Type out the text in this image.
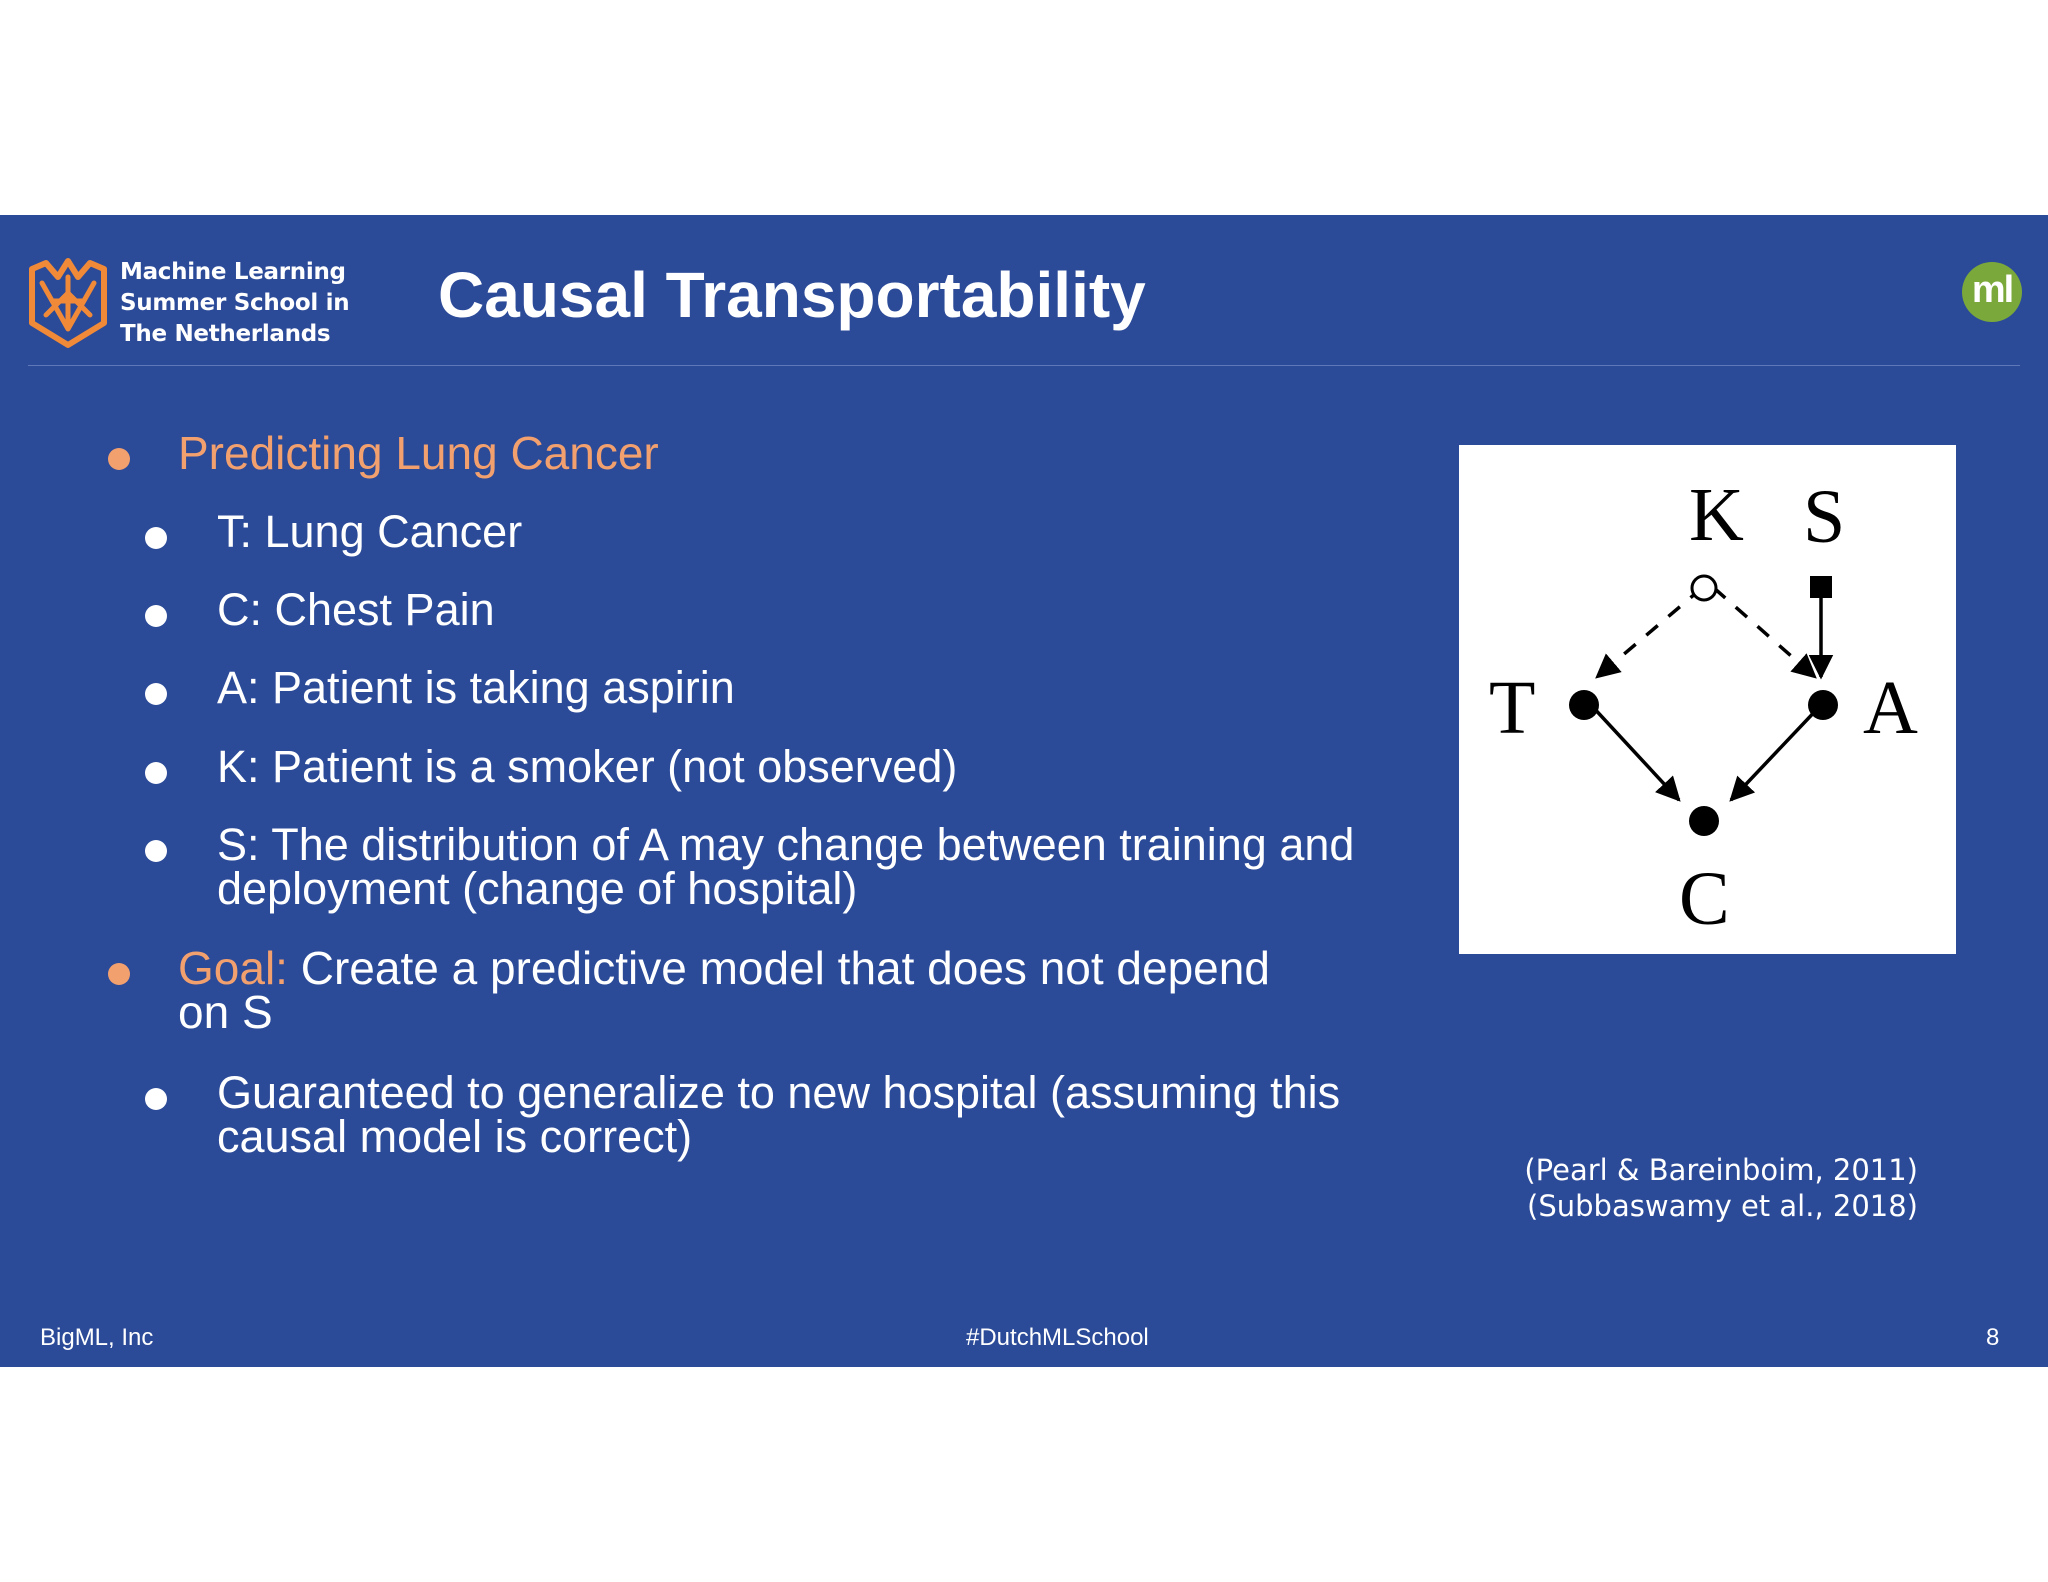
Machine Learning
Summer School in
The Netherlands
Causal Transportability	ml
Predicting Lung Cancer
T: Lung Cancer
C: Chest Pain
A: Patient is taking aspirin
K: Patient is a smoker (not observed)
S: The distribution of A may change between training and
deployment (change of hospital)
Goal: Create a predictive model that does not depend
on S
Guaranteed to generalize to new hospital (assuming this
causal model is correct)
K S
T	A
C
(Pearl & Bareinboim, 2011)
(Subbaswamy et al., 2018)
BigML, Inc	#DutchMLSchool	8
